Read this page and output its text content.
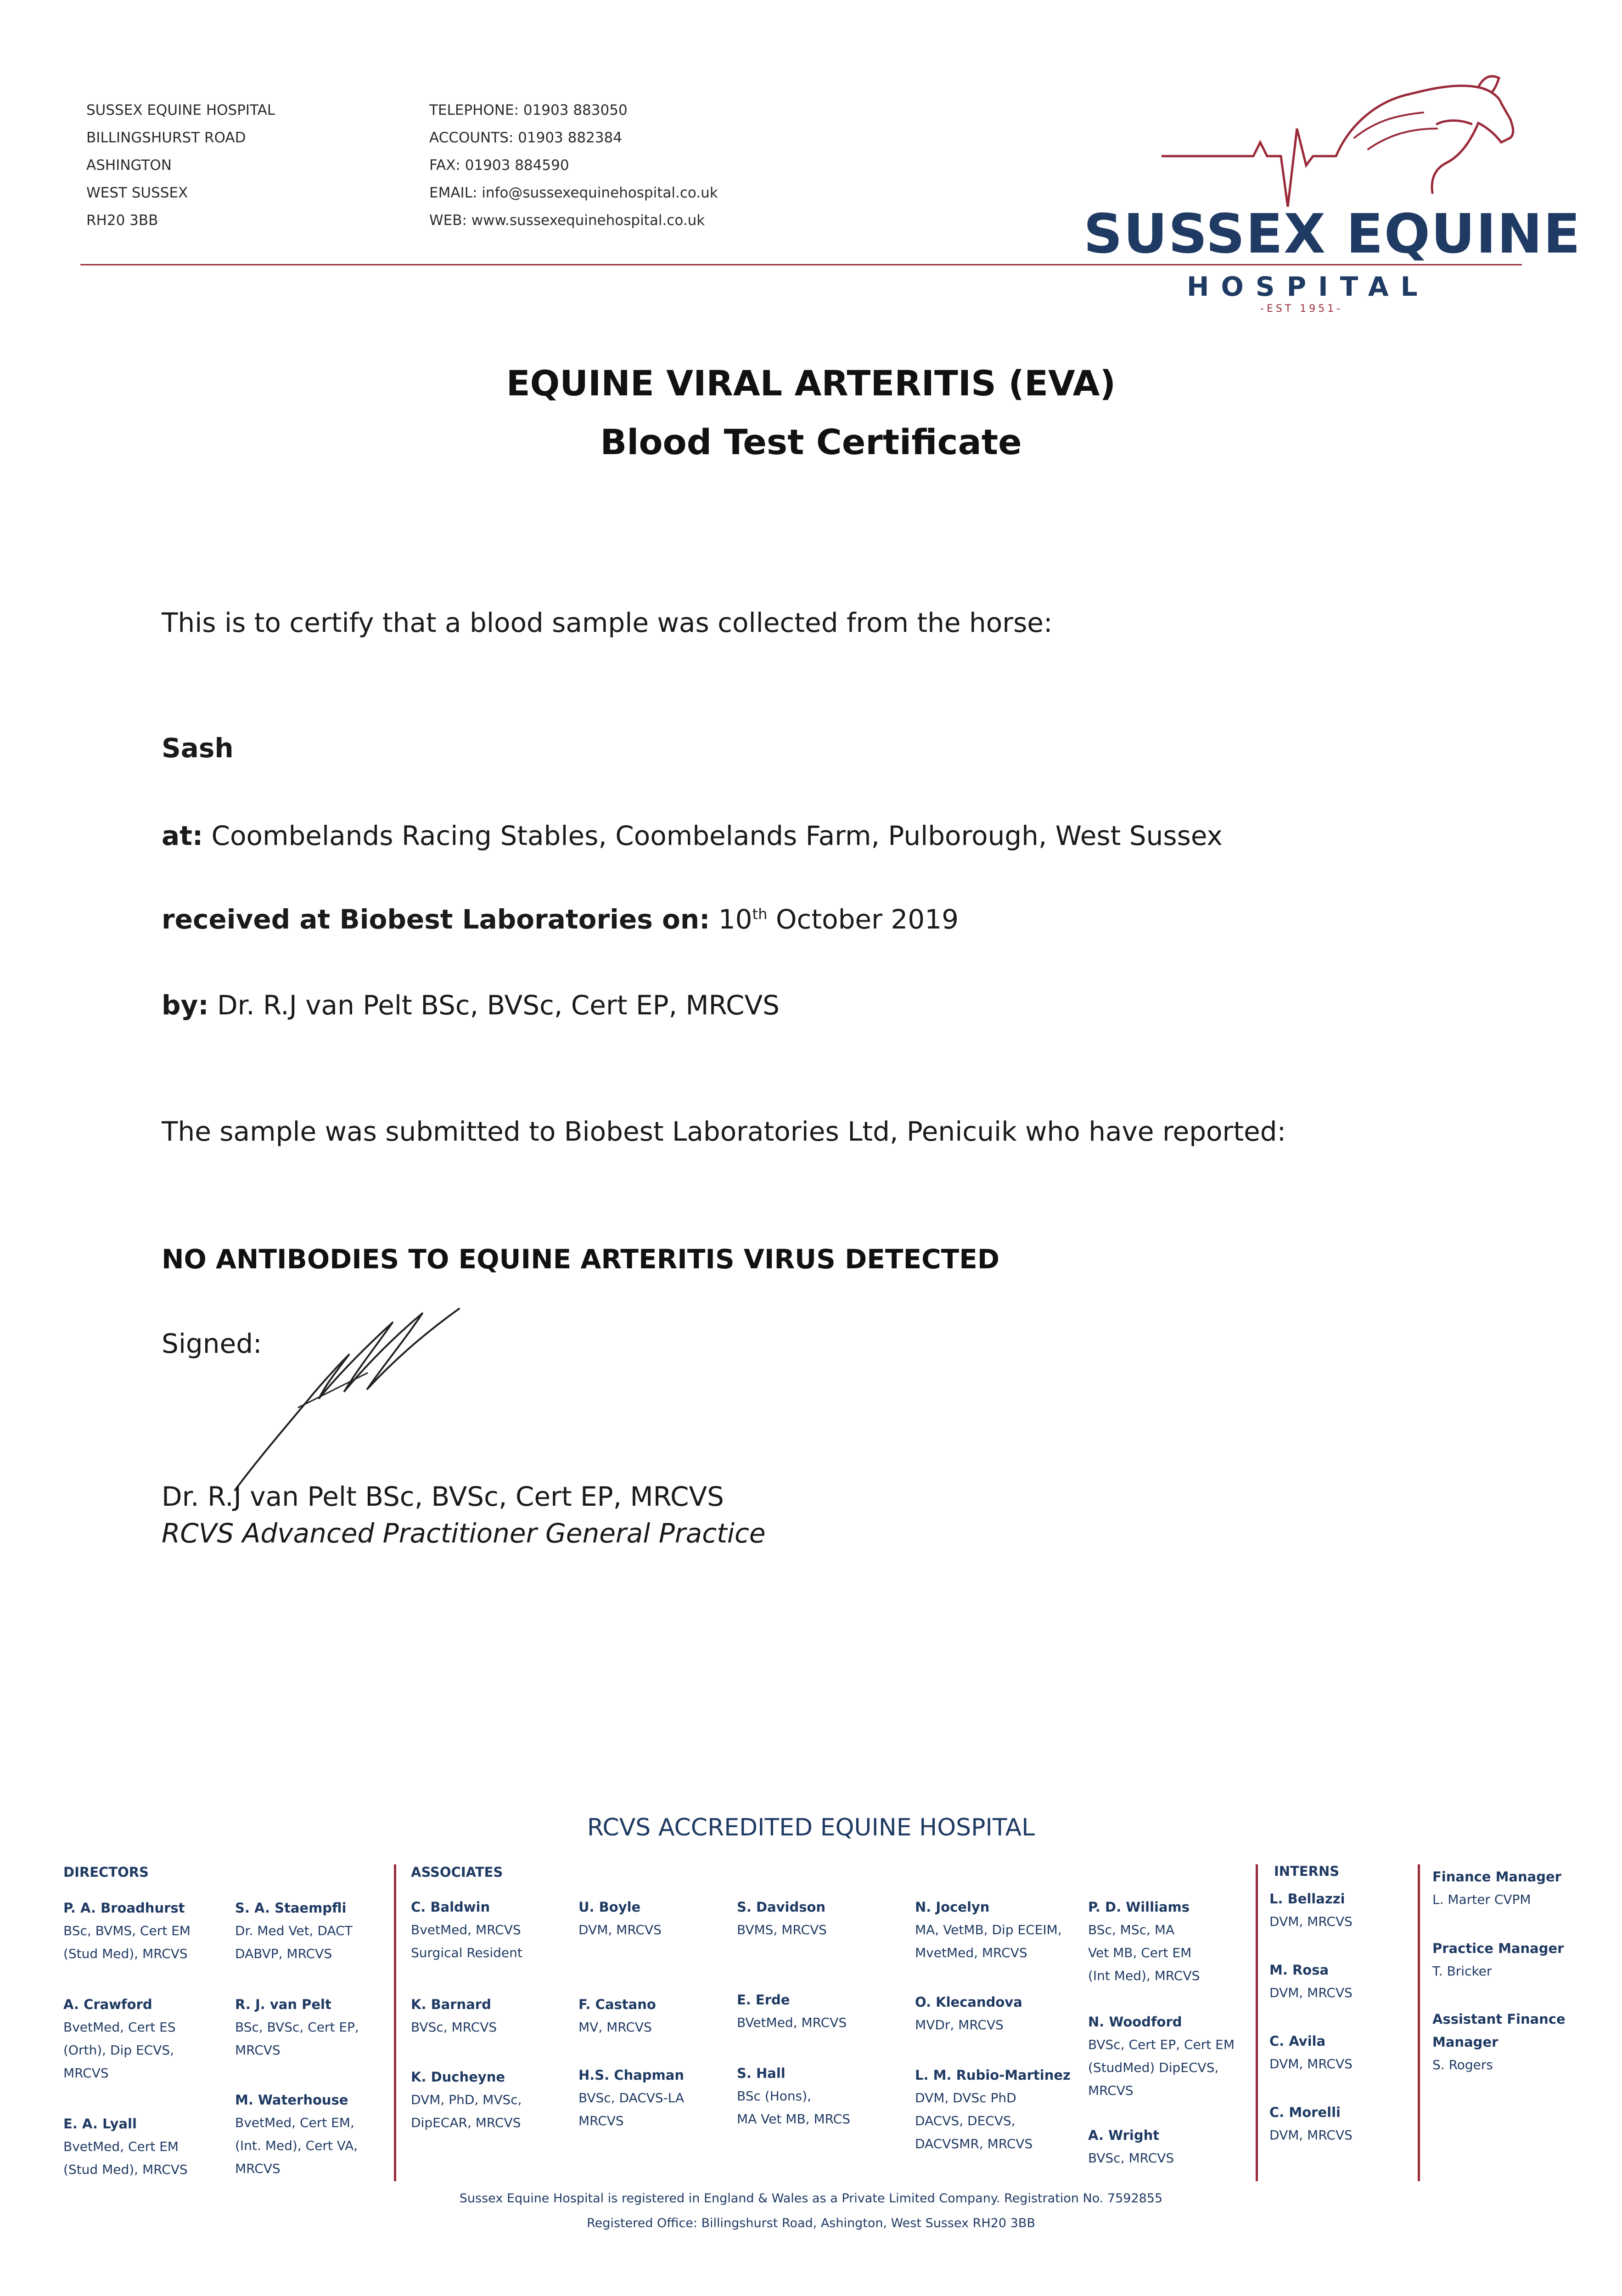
SUSSEX EQUINE HOSPITAL
BILLINGSHURST ROAD
ASHINGTON
WEST SUSSEX
RH20 3BB
TELEPHONE: 01903 883050
ACCOUNTS: 01903 882384
FAX: 01903 884590
EMAIL: info@sussexequinehospital.co.uk
WEB: www.sussexequinehospital.co.uk	SUSSEX EQUINE
HOSPITAL
-EST 1951-
EQUINE VIRAL ARTERITIS (EVA)
Blood Test Certificate
This is to certify that a blood sample was collected from the horse:
Sash
at: Coombelands Racing Stables, Coombelands Farm, Pulborough, West Sussex
received at Biobest Laboratories on: 10th October 2019
by: Dr. R.J van Pelt BSc, BVSc, Cert EP, MRCVS
The sample was submitted to Biobest Laboratories Ltd, Penicuik who have reported:
NO ANTIBODIES TO EQUINE ARTERITIS VIRUS DETECTED
Signed:
Dr. R.J van Pelt BSc, BVSc, Cert EP, MRCVS
RCVS Advanced Practitioner General Practice
RCVS ACCREDITED EQUINE HOSPITAL
DIRECTORS	ASSOCIATES	INTERNS
P. A. Broadhurst
BSc, BVMS, Cert EM
(Stud Med), MRCVS
A. Crawford
BvetMed, Cert ES
(Orth), Dip ECVS,
MRCVS
E. A. Lyall
BvetMed, Cert EM
(Stud Med), MRCVS
S. A. Staempfli
Dr. Med Vet, DACT
DABVP, MRCVS
R. J. van Pelt
BSc, BVSc, Cert EP,
MRCVS
M. Waterhouse
BvetMed, Cert EM,
(Int. Med), Cert VA,
MRCVS
C. Baldwin
BvetMed, MRCVS
Surgical Resident
K. Barnard
BVSc, MRCVS
K. Ducheyne
DVM, PhD, MVSc,
DipECAR, MRCVS
U. Boyle
DVM, MRCVS
F. Castano
MV, MRCVS
H.S. Chapman
BVSc, DACVS-LA
MRCVS
S. Davidson
BVMS, MRCVS
E. Erde
BVetMed, MRCVS
S. Hall
BSc (Hons),
MA Vet MB, MRCS
N. Jocelyn
MA, VetMB, Dip ECEIM,
MvetMed, MRCVS
O. Klecandova
MVDr, MRCVS
L. M. Rubio-Martinez
DVM, DVSc PhD
DACVS, DECVS,
DACVSMR, MRCVS
P. D. Williams
BSc, MSc, MA
Vet MB, Cert EM
(Int Med), MRCVS
N. Woodford
BVSc, Cert EP, Cert EM
(StudMed) DipECVS,
MRCVS
A. Wright
BVSc, MRCVS
L. Bellazzi
DVM, MRCVS
M. Rosa
DVM, MRCVS
C. Avila
DVM, MRCVS
C. Morelli
DVM, MRCVS
Finance Manager
L. Marter CVPM
Practice Manager
T. Bricker
Assistant Finance
Manager
S. Rogers
Sussex Equine Hospital is registered in England & Wales as a Private Limited Company. Registration No. 7592855
Registered Office: Billingshurst Road, Ashington, West Sussex RH20 3BB
